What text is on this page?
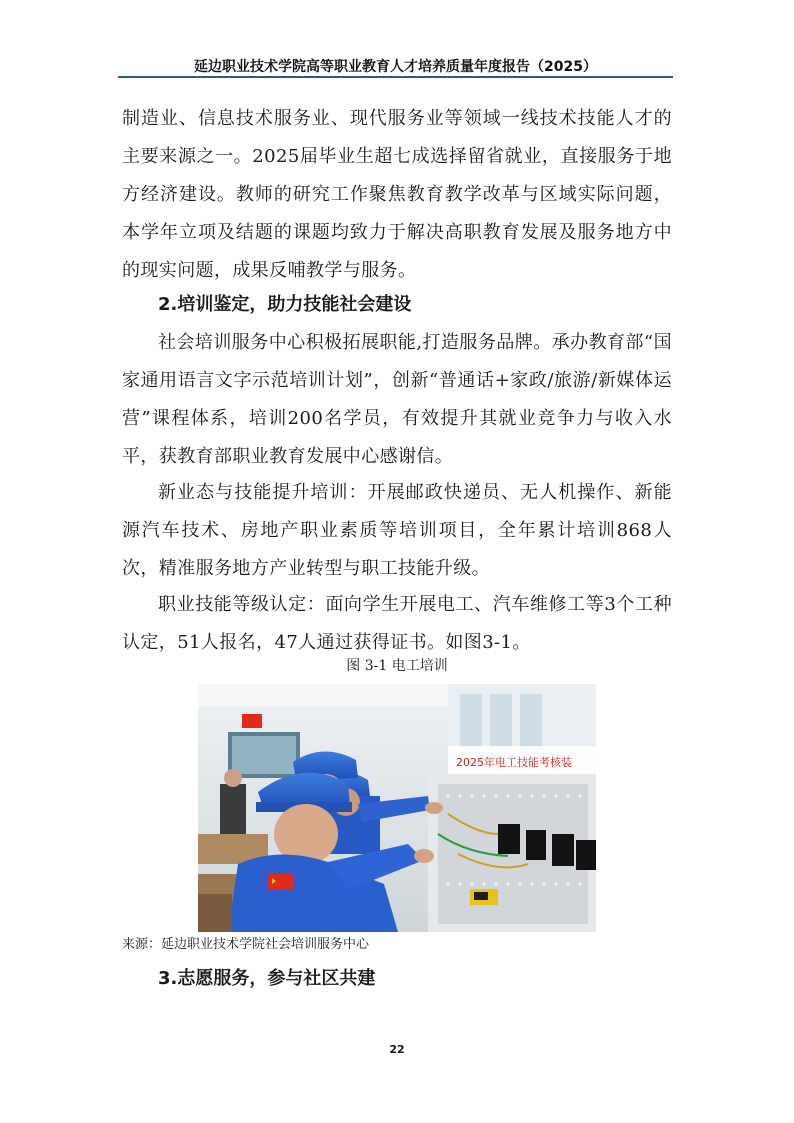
延边职业技术学院高等职业教育人才培养质量年度报告（2025）

制造业、信息技术服务业、现代服务业等领域一线技术技能人才的主要来源之一。2025届毕业生超七成选择留省就业，直接服务于地方经济建设。教师的研究工作聚焦教育教学改革与区域实际问题，本学年立项及结题的课题均致力于解决高职教育发展及服务地方中的现实问题，成果反哺教学与服务。

2.培训鉴定，助力技能社会建设

社会培训服务中心积极拓展职能,打造服务品牌。承办教育部“国家通用语言文字示范培训计划”，创新“普通话+家政/旅游/新媒体运营”课程体系，培训200名学员，有效提升其就业竞争力与收入水平，获教育部职业教育发展中心感谢信。

新业态与技能提升培训：开展邮政快递员、无人机操作、新能源汽车技术、房地产职业素质等培训项目，全年累计培训868人次，精准服务地方产业转型与职工技能升级。

职业技能等级认定：面向学生开展电工、汽车维修工等3个工种认定，51人报名，47人通过获得证书。如图3-1。

图 3-1 电工培训
2025年电工技能考核装
来源：延边职业技术学院社会培训服务中心
3.志愿服务，参与社区共建
22
